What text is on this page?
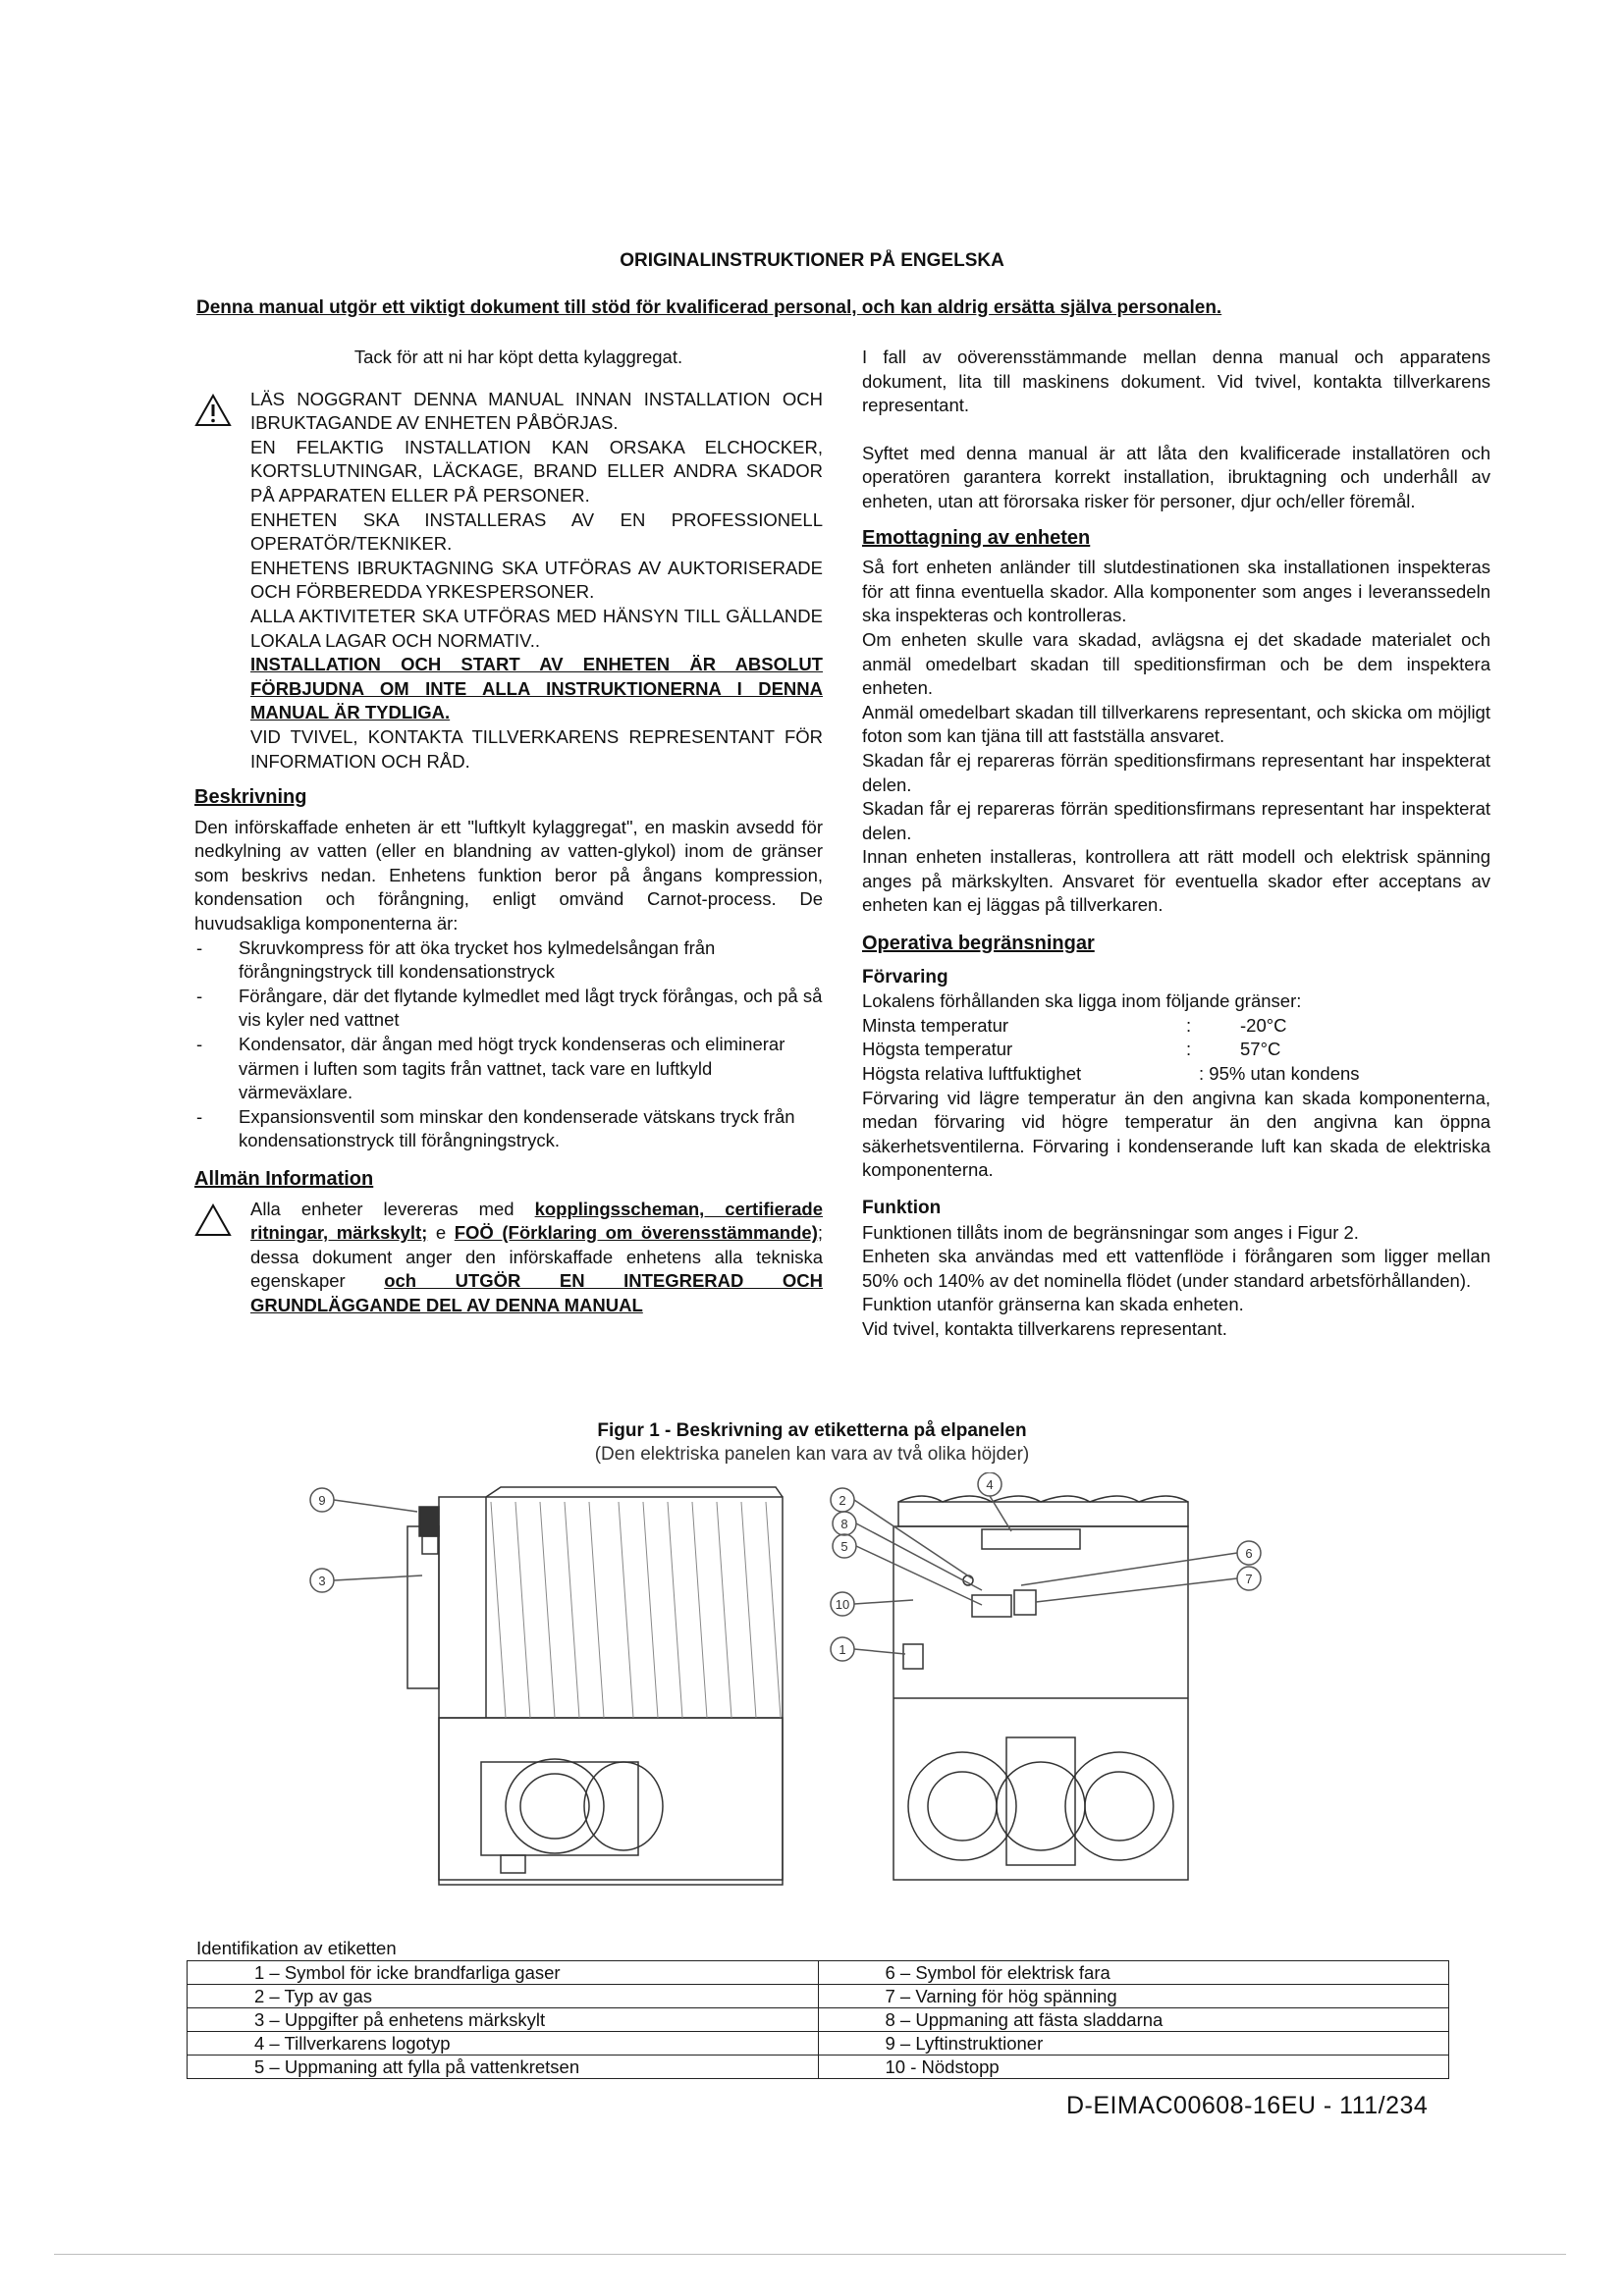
ORIGINALINSTRUKTIONER PÅ ENGELSKA
Denna manual utgör ett viktigt dokument till stöd för kvalificerad personal, och kan aldrig ersätta själva personalen.

Tack för att ni har köpt detta kylaggregat.

LÄS NOGGRANT DENNA MANUAL INNAN INSTALLATION OCH IBRUKTAGANDE AV ENHETEN PÅBÖRJAS.

EN FELAKTIG INSTALLATION KAN ORSAKA ELCHOCKER, KORTSLUTNINGAR, LÄCKAGE, BRAND ELLER ANDRA SKADOR PÅ APPARATEN ELLER PÅ PERSONER.

ENHETEN SKA INSTALLERAS AV EN PROFESSIONELL OPERATÖR/TEKNIKER.

ENHETENS IBRUKTAGNING SKA UTFÖRAS AV AUKTORISERADE OCH FÖRBEREDDA YRKESPERSONER.

ALLA AKTIVITETER SKA UTFÖRAS MED HÄNSYN TILL GÄLLANDE LOKALA LAGAR OCH NORMATIV..

INSTALLATION OCH START AV ENHETEN ÄR ABSOLUT FÖRBJUDNA OM INTE ALLA INSTRUKTIONERNA I DENNA MANUAL ÄR TYDLIGA.

VID TVIVEL, KONTAKTA TILLVERKARENS REPRESENTANT FÖR INFORMATION OCH RÅD.

Beskrivning

Den införskaffade enheten är ett "luftkylt kylaggregat", en maskin avsedd för nedkylning av vatten (eller en blandning av vatten-glykol) inom de gränser som beskrivs nedan. Enhetens funktion beror på ångans kompression, kondensation och förångning, enligt omvänd Carnot-process. De huvudsakliga komponenterna är:

- Skruvkompress för att öka trycket hos kylmedelsångan från förångningstryck till kondensationstryck
- Förångare, där det flytande kylmedlet med lågt tryck förångas, och på så vis kyler ned vattnet
- Kondensator, där ångan med högt tryck kondenseras och eliminerar värmen i luften som tagits från vattnet, tack vare en luftkyld värmeväxlare.
- Expansionsventil som minskar den kondenserade vätskans tryck från kondensationstryck till förångningstryck.
Allmän Information

Alla enheter levereras med kopplingsscheman, certifierade ritningar, märkskylt; e FOÖ (Förklaring om överensstämmande); dessa dokument anger den införskaffade enhetens alla tekniska egenskaper och UTGÖR EN INTEGRERAD OCH GRUNDLÄGGANDE DEL AV DENNA MANUAL

I fall av oöverensstämmande mellan denna manual och apparatens dokument, lita till maskinens dokument. Vid tvivel, kontakta tillverkarens representant.

Syftet med denna manual är att låta den kvalificerade installatören och operatören garantera korrekt installation, ibruktagning och underhåll av enheten, utan att förorsaka risker för personer, djur och/eller föremål.

Emottagning av enheten

Så fort enheten anländer till slutdestinationen ska installationen inspekteras för att finna eventuella skador. Alla komponenter som anges i leveranssedeln ska inspekteras och kontrolleras.

Om enheten skulle vara skadad, avlägsna ej det skadade materialet och anmäl omedelbart skadan till speditionsfirman och be dem inspektera enheten.

Anmäl omedelbart skadan till tillverkarens representant, och skicka om möjligt foton som kan tjäna till att fastställa ansvaret.

Skadan får ej repareras förrän speditionsfirmans representant har inspekterat delen.

Skadan får ej repareras förrän speditionsfirmans representant har inspekterat delen.

Innan enheten installeras, kontrollera att rätt modell och elektrisk spänning anges på märkskylten. Ansvaret för eventuella skador efter acceptans av enheten kan ej läggas på tillverkaren.

Operativa begränsningar
Förvaring

Lokalens förhållanden ska ligga inom följande gränser:

Minsta temperatur	:	-20°C
Högsta temperatur	:	57°C
Högsta relativa luftfuktighet	: 95% utan kondens

Förvaring vid lägre temperatur än den angivna kan skada komponenterna, medan förvaring vid högre temperatur än den angivna kan öppna säkerhetsventilerna. Förvaring i kondenserande luft kan skada de elektriska komponenterna.

Funktion

Funktionen tillåts inom de begränsningar som anges i Figur 2.

Enheten ska användas med ett vattenflöde i förångaren som ligger mellan 50% och 140% av det nominella flödet (under standard arbetsförhållanden).

Funktion utanför gränserna kan skada enheten.

Vid tvivel, kontakta tillverkarens representant.

Figur 1 - Beskrivning av etiketterna på elpanelen
(Den elektriska panelen kan vara av två olika höjder)
9
3
2
8
5
10
1
4
6
7
Identifikation av etiketten
1 – Symbol för icke brandfarliga gaser	6 – Symbol för elektrisk fara
2 – Typ av gas	7 – Varning för hög spänning
3 – Uppgifter på enhetens märkskylt	8 – Uppmaning att fästa sladdarna
4 – Tillverkarens logotyp	9 – Lyftinstruktioner
5 – Uppmaning att fylla på vattenkretsen	10 - Nödstopp
D-EIMAC00608-16EU - 111/234
